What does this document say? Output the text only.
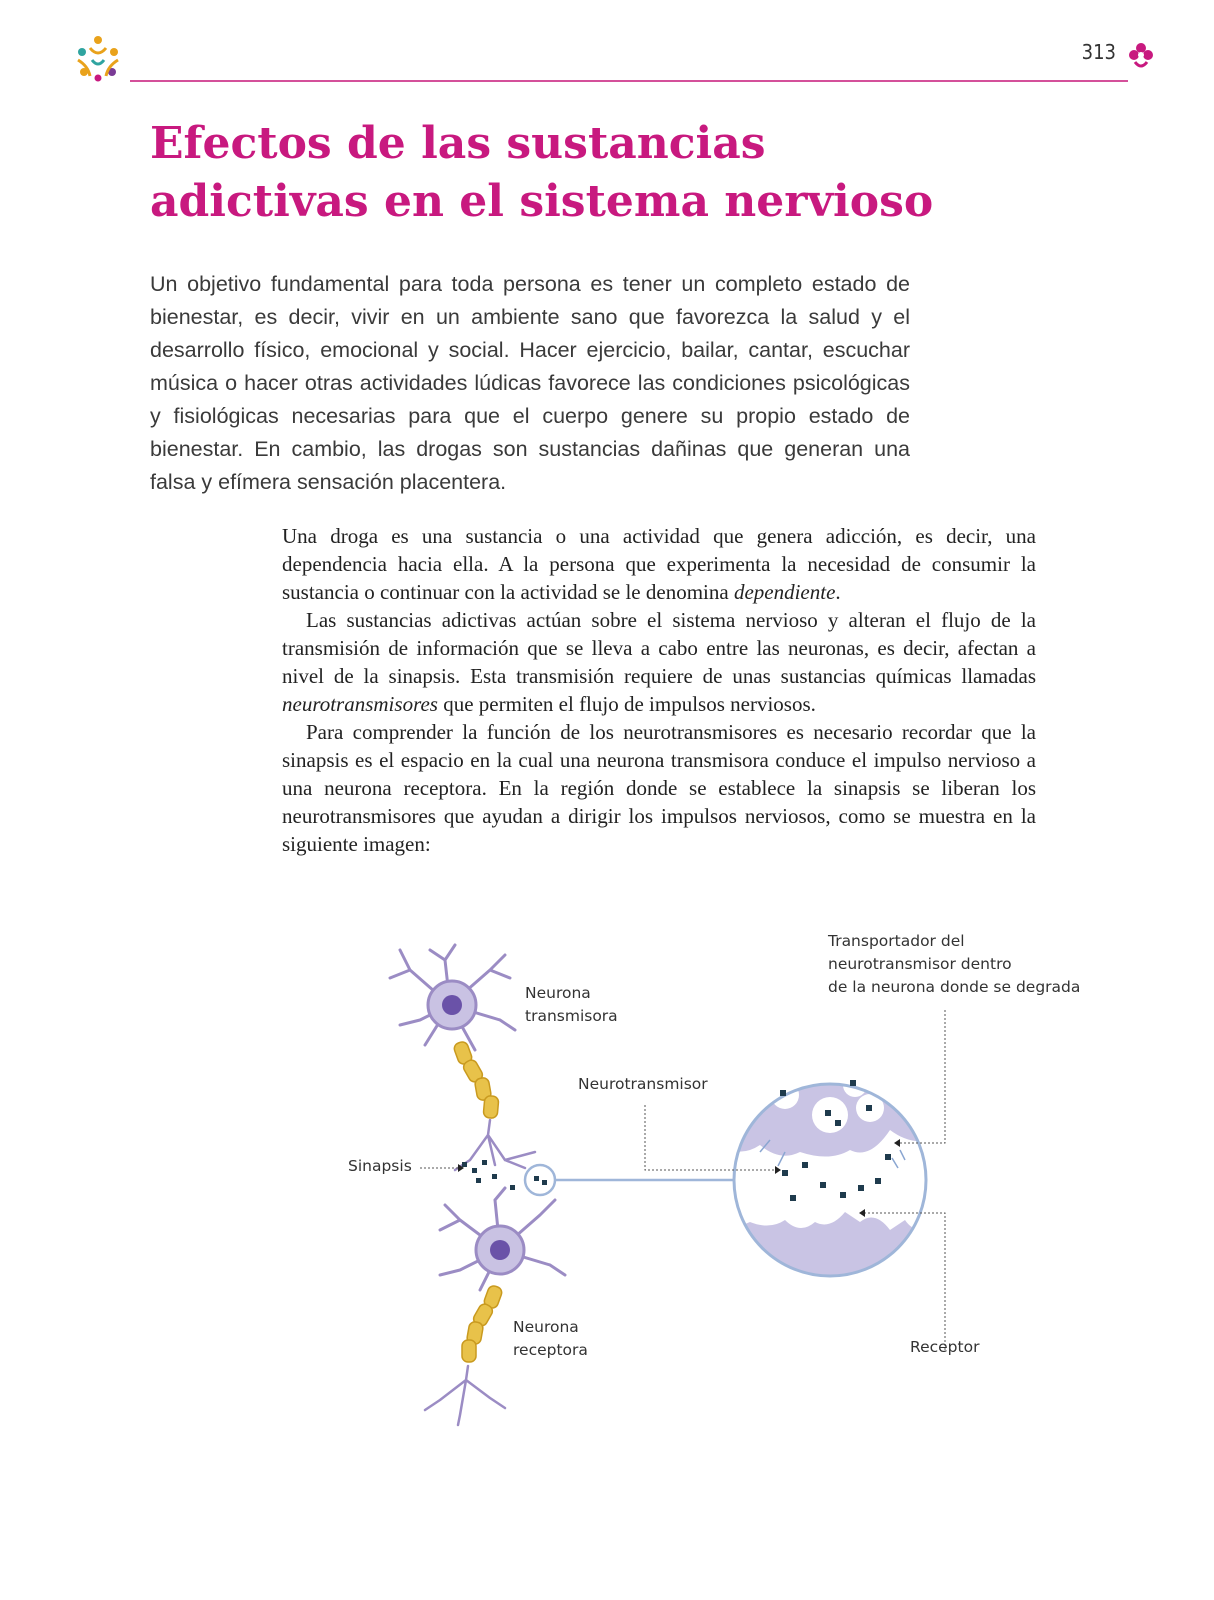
313
Efectos de las sustancias adictivas en el sistema nervioso

Un objetivo fundamental para toda persona es tener un completo estado de bienestar, es decir, vivir en un ambiente sano que favorezca la salud y el desarrollo físico, emocional y social. Hacer ejercicio, bailar, cantar, escuchar música o hacer otras actividades lúdicas favorece las condiciones psicológicas y fisiológicas necesarias para que el cuerpo genere su propio estado de bienestar. En cambio, las drogas son sustancias dañinas que generan una falsa y efímera sensación placentera.

Una droga es una sustancia o una actividad que genera adicción, es decir, una dependencia hacia ella. A la persona que experimenta la necesidad de consumir la sustancia o continuar con la actividad se le denomina dependiente.

Las sustancias adictivas actúan sobre el sistema nervioso y alteran el flujo de la transmisión de información que se lleva a cabo entre las neuronas, es decir, afectan a nivel de la sinapsis. Esta transmisión requiere de unas sustancias químicas llamadas neurotransmisores que permiten el flujo de impulsos nerviosos.

Para comprender la función de los neurotransmisores es necesario recordar que la sinapsis es el espacio en la cual una neurona transmisora conduce el impulso nervioso a una neurona receptora. En la región donde se establece la sinapsis se liberan los neurotransmisores que ayudan a dirigir los impulsos nerviosos, como se muestra en la siguiente imagen:

Neurona
transmisora
Neurotransmisor
Sinapsis
Transportador del
neurotransmisor dentro
de la neurona donde se degrada
Neurona
receptora	Receptor
